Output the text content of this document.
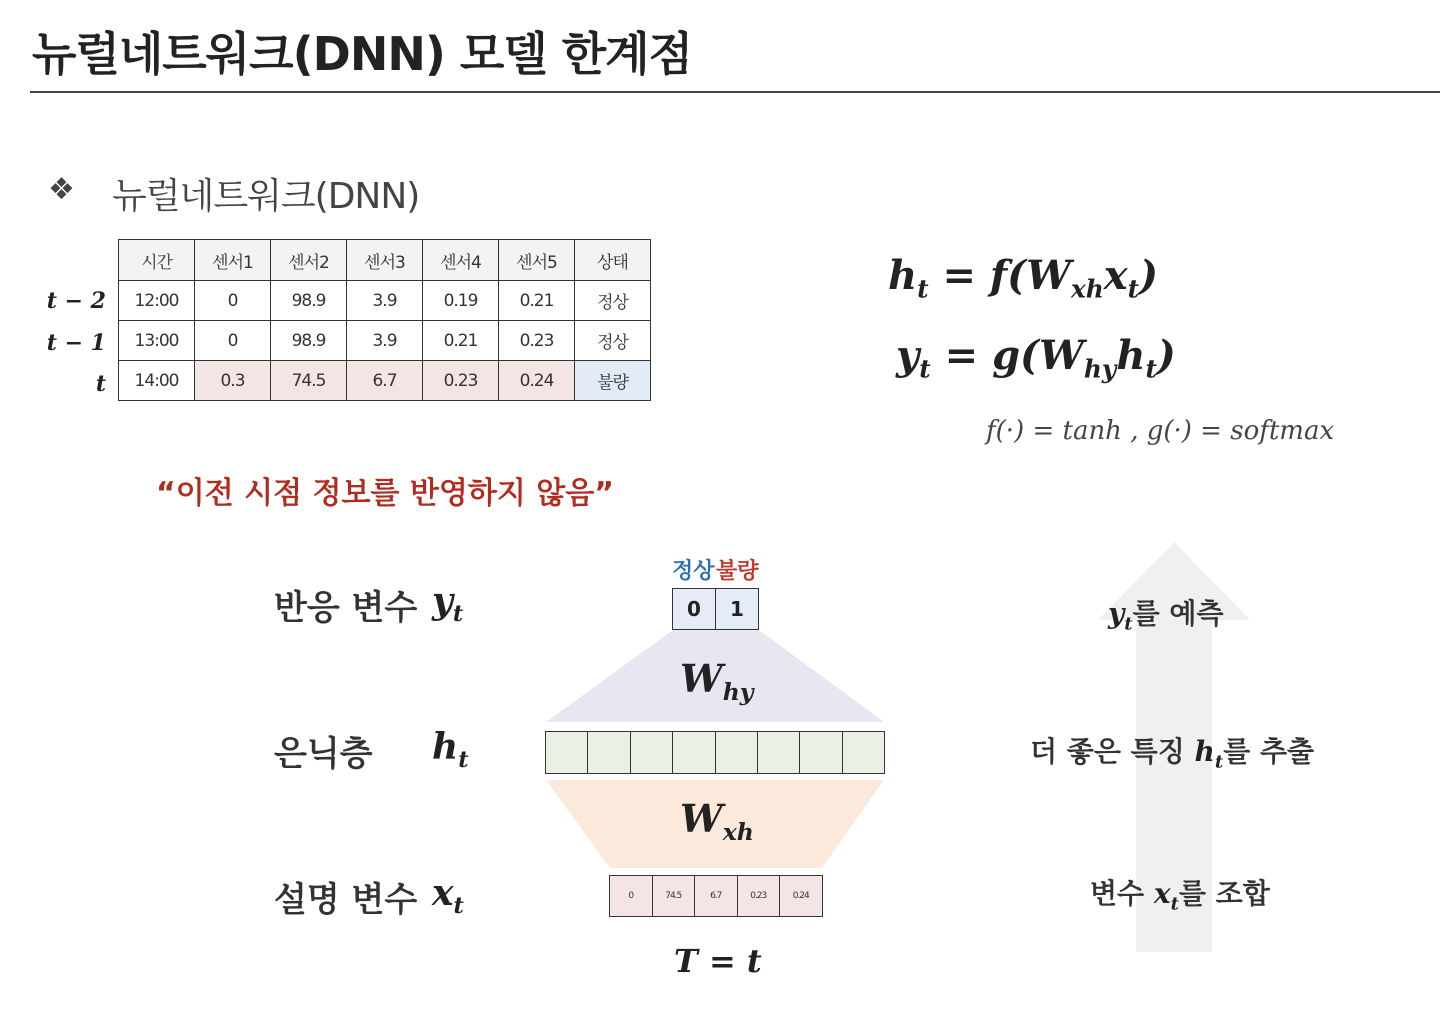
뉴럴네트워크(DNN) 모델 한계점
❖ 뉴럴네트워크(DNN)
t − 2
t − 1
t
시간	센서1	센서2	센서3	센서4	센서5	상태
12:00	0	98.9	3.9	0.19	0.21	정상
13:00	0	98.9	3.9	0.21	0.23	정상
14:00	0.3	74.5	6.7	0.23	0.24	불량
$h_t = f(W_{xh}x_t)$
$y_t = g(W_{hy}h_t)$
f(·) = tanh , g(·) = softmax
“이전 시점 정보를 반영하지 않음”
반응 변수 $y_t$
은닉층 $h_t$
설명 변수 $x_t$
정상 불량
0	1
$W_{hy}$
$W_{xh}$
0	74.5	6.7	0.23	0.24
T = t
$y_t$를 예측
더 좋은 특징 $h_t$를 추출
변수 $x_t$를 조합
